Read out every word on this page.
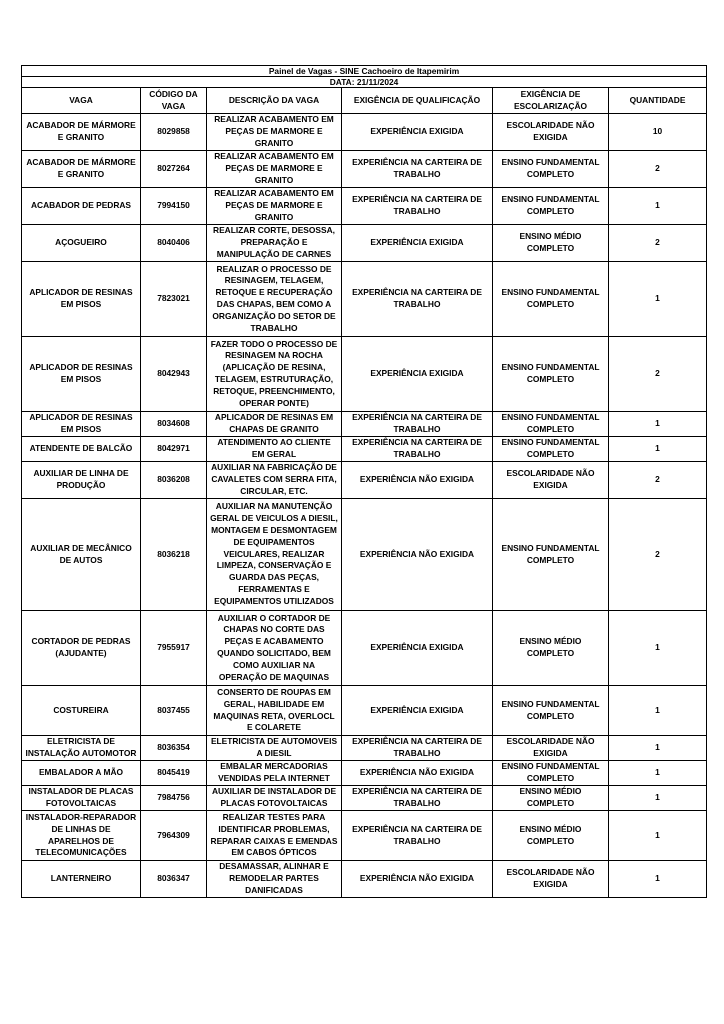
Painel de Vagas - SINE Cachoeiro de Itapemirim					
DATA: 21/11/2024					
VAGA	CÓDIGO DA VAGA	DESCRIÇÃO DA VAGA	EXIGÊNCIA DE QUALIFICAÇÃO	EXIGÊNCIA DE ESCOLARIZAÇÃO	QUANTIDADE
ACABADOR DE MÁRMORE E GRANITO	8029858	REALIZAR ACABAMENTO EM PEÇAS DE MARMORE E GRANITO	EXPERIÊNCIA EXIGIDA	ESCOLARIDADE NÃO EXIGIDA	10
ACABADOR DE MÁRMORE E GRANITO	8027264	REALIZAR ACABAMENTO EM PEÇAS DE MARMORE E GRANITO	EXPERIÊNCIA NA CARTEIRA DE TRABALHO	ENSINO FUNDAMENTAL COMPLETO	2
ACABADOR DE PEDRAS	7994150	REALIZAR ACABAMENTO EM PEÇAS DE MARMORE E GRANITO	EXPERIÊNCIA NA CARTEIRA DE TRABALHO	ENSINO FUNDAMENTAL COMPLETO	1
AÇOGUEIRO	8040406	REALIZAR CORTE, DESOSSA, PREPARAÇÃO E MANIPULAÇÃO DE CARNES	EXPERIÊNCIA EXIGIDA	ENSINO MÉDIO COMPLETO	2
APLICADOR DE RESINAS EM PISOS	7823021	REALIZAR O PROCESSO DE RESINAGEM, TELAGEM, RETOQUE E RECUPERAÇÃO DAS CHAPAS, BEM COMO A ORGANIZAÇÃO DO SETOR DE TRABALHO	EXPERIÊNCIA NA CARTEIRA DE TRABALHO	ENSINO FUNDAMENTAL COMPLETO	1
APLICADOR DE RESINAS EM PISOS	8042943	FAZER TODO O PROCESSO DE RESINAGEM NA ROCHA (APLICAÇÃO DE RESINA, TELAGEM, ESTRUTURAÇÃO, RETOQUE, PREENCHIMENTO, OPERAR PONTE)	EXPERIÊNCIA EXIGIDA	ENSINO FUNDAMENTAL COMPLETO	2
APLICADOR DE RESINAS EM PISOS	8034608	APLICADOR DE RESINAS EM CHAPAS DE GRANITO	EXPERIÊNCIA NA CARTEIRA DE TRABALHO	ENSINO FUNDAMENTAL COMPLETO	1
ATENDENTE DE BALCÃO	8042971	ATENDIMENTO AO CLIENTE EM GERAL	EXPERIÊNCIA NA CARTEIRA DE TRABALHO	ENSINO FUNDAMENTAL COMPLETO	1
AUXILIAR DE LINHA DE PRODUÇÃO	8036208	AUXILIAR NA FABRICAÇÃO DE CAVALETES COM SERRA FITA, CIRCULAR, ETC.	EXPERIÊNCIA NÃO EXIGIDA	ESCOLARIDADE NÃO EXIGIDA	2
AUXILIAR DE MECÂNICO DE AUTOS	8036218	AUXILIAR NA MANUTENÇÃO GERAL DE VEICULOS A DIESIL, MONTAGEM E DESMONTAGEM DE EQUIPAMENTOS VEICULARES, REALIZAR LIMPEZA, CONSERVAÇÃO E GUARDA DAS PEÇAS, FERRAMENTAS E EQUIPAMENTOS UTILIZADOS	EXPERIÊNCIA NÃO EXIGIDA	ENSINO FUNDAMENTAL COMPLETO	2
CORTADOR DE PEDRAS (AJUDANTE)	7955917	AUXILIAR O CORTADOR DE CHAPAS NO CORTE DAS PEÇAS E ACABAMENTO QUANDO SOLICITADO, BEM COMO AUXILIAR NA OPERAÇÃO DE MAQUINAS	EXPERIÊNCIA EXIGIDA	ENSINO MÉDIO COMPLETO	1
COSTUREIRA	8037455	CONSERTO DE ROUPAS EM GERAL, HABILIDADE EM MAQUINAS RETA, OVERLOCL E COLARETE	EXPERIÊNCIA EXIGIDA	ENSINO FUNDAMENTAL COMPLETO	1
ELETRICISTA DE INSTALAÇÃO AUTOMOTOR	8036354	ELETRICISTA DE AUTOMOVEIS A DIESIL	EXPERIÊNCIA NA CARTEIRA DE TRABALHO	ESCOLARIDADE NÃO EXIGIDA	1
EMBALADOR A MÃO	8045419	EMBALAR MERCADORIAS VENDIDAS PELA INTERNET	EXPERIÊNCIA NÃO EXIGIDA	ENSINO FUNDAMENTAL COMPLETO	1
INSTALADOR DE PLACAS FOTOVOLTAICAS	7984756	AUXILIAR DE INSTALADOR DE PLACAS FOTOVOLTAICAS	EXPERIÊNCIA NA CARTEIRA DE TRABALHO	ENSINO MÉDIO COMPLETO	1
INSTALADOR-REPARADOR DE LINHAS DE APARELHOS DE TELECOMUNICAÇÕES	7964309	REALIZAR TESTES PARA IDENTIFICAR PROBLEMAS, REPARAR CAIXAS E EMENDAS EM CABOS ÓPTICOS	EXPERIÊNCIA NA CARTEIRA DE TRABALHO	ENSINO MÉDIO COMPLETO	1
LANTERNEIRO	8036347	DESAMASSAR, ALINHAR E REMODELAR PARTES DANIFICADAS	EXPERIÊNCIA NÃO EXIGIDA	ESCOLARIDADE NÃO EXIGIDA	1
